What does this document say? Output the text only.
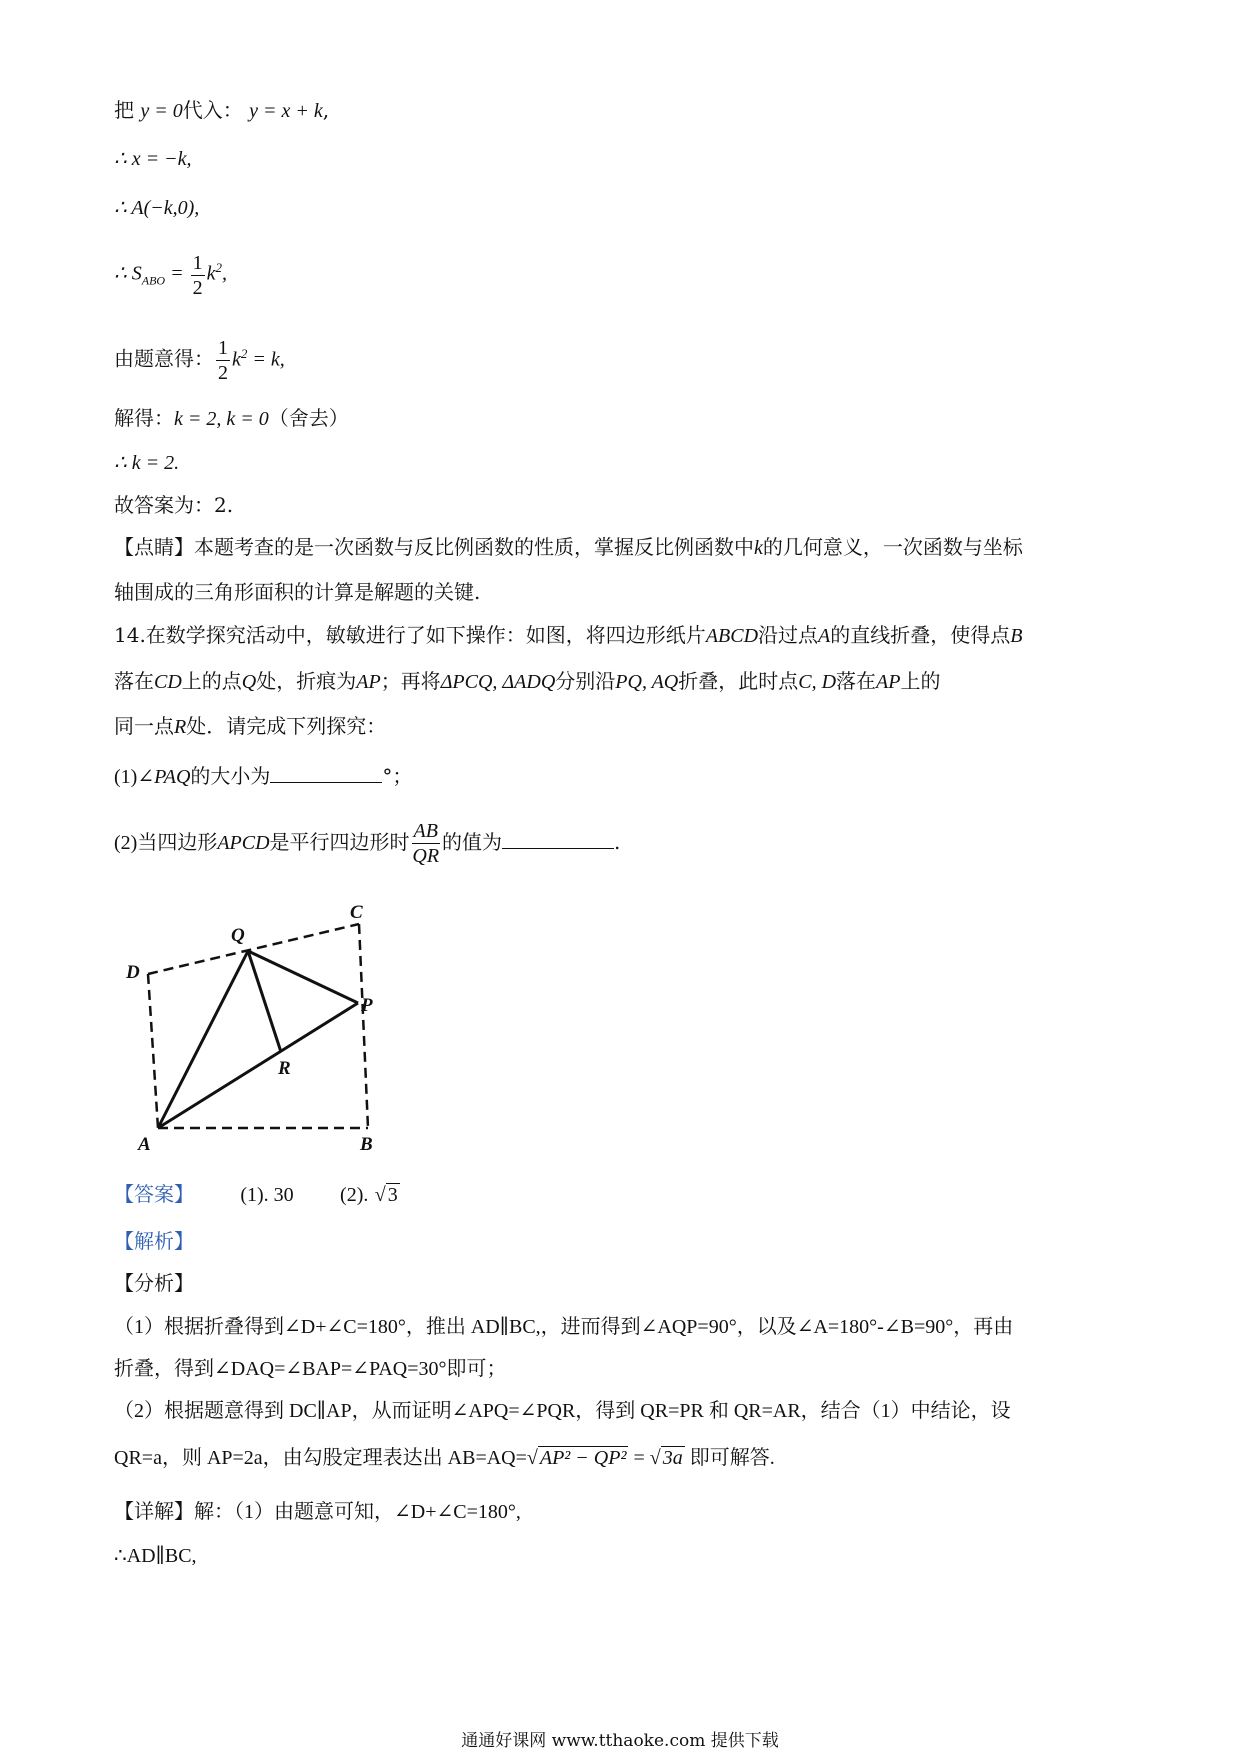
把 y = 0代入： y = x + k,
∴ x = −k,
∴ A(−k,0),
∴ $S_{ABO} = \frac{1}{2} k^2$,
由题意得： $\frac{1}{2} k^2 = k$,
解得：k = 2, k = 0（舍去）
∴ k = 2.
故答案为：2.
【点睛】本题考查的是一次函数与反比例函数的性质，掌握反比例函数中k的几何意义，一次函数与坐标
轴围成的三角形面积的计算是解题的关键.
14.在数学探究活动中，敏敏进行了如下操作：如图，将四边形纸片ABCD沿过点A的直线折叠，使得点B
落在CD上的点Q处，折痕为AP；再将ΔPCQ, ΔADQ分别沿PQ, AQ折叠，此时点C, D落在AP上的
同一点R处．请完成下列探究：
(1)∠PAQ的大小为	°；
(2)当四边形APCD是平行四边形时 $\frac{AB}{QR}$ 的值为	.
Q
C
D
P
R
A	B
【答案】 (1). 30 (2). √ 3
【解析】
【分析】
（1）根据折叠得到∠D+∠C=180°，推出 AD∥BC,，进而得到∠AQP=90°，以及∠A=180°-∠B=90°，再由
折叠，得到∠DAQ=∠BAP=∠PAQ=30°即可；
（2）根据题意得到 DC∥AP，从而证明∠APQ=∠PQR，得到 QR=PR 和 QR=AR，结合（1）中结论，设
QR=a，则 AP=2a，由勾股定理表达出 AB=AQ=√ AP² − QP² = √ 3a 即可解答.
【详解】解：（1）由题意可知，∠D+∠C=180°,
∴AD∥BC,
通通好课网 www.tthaoke.com 提供下载
